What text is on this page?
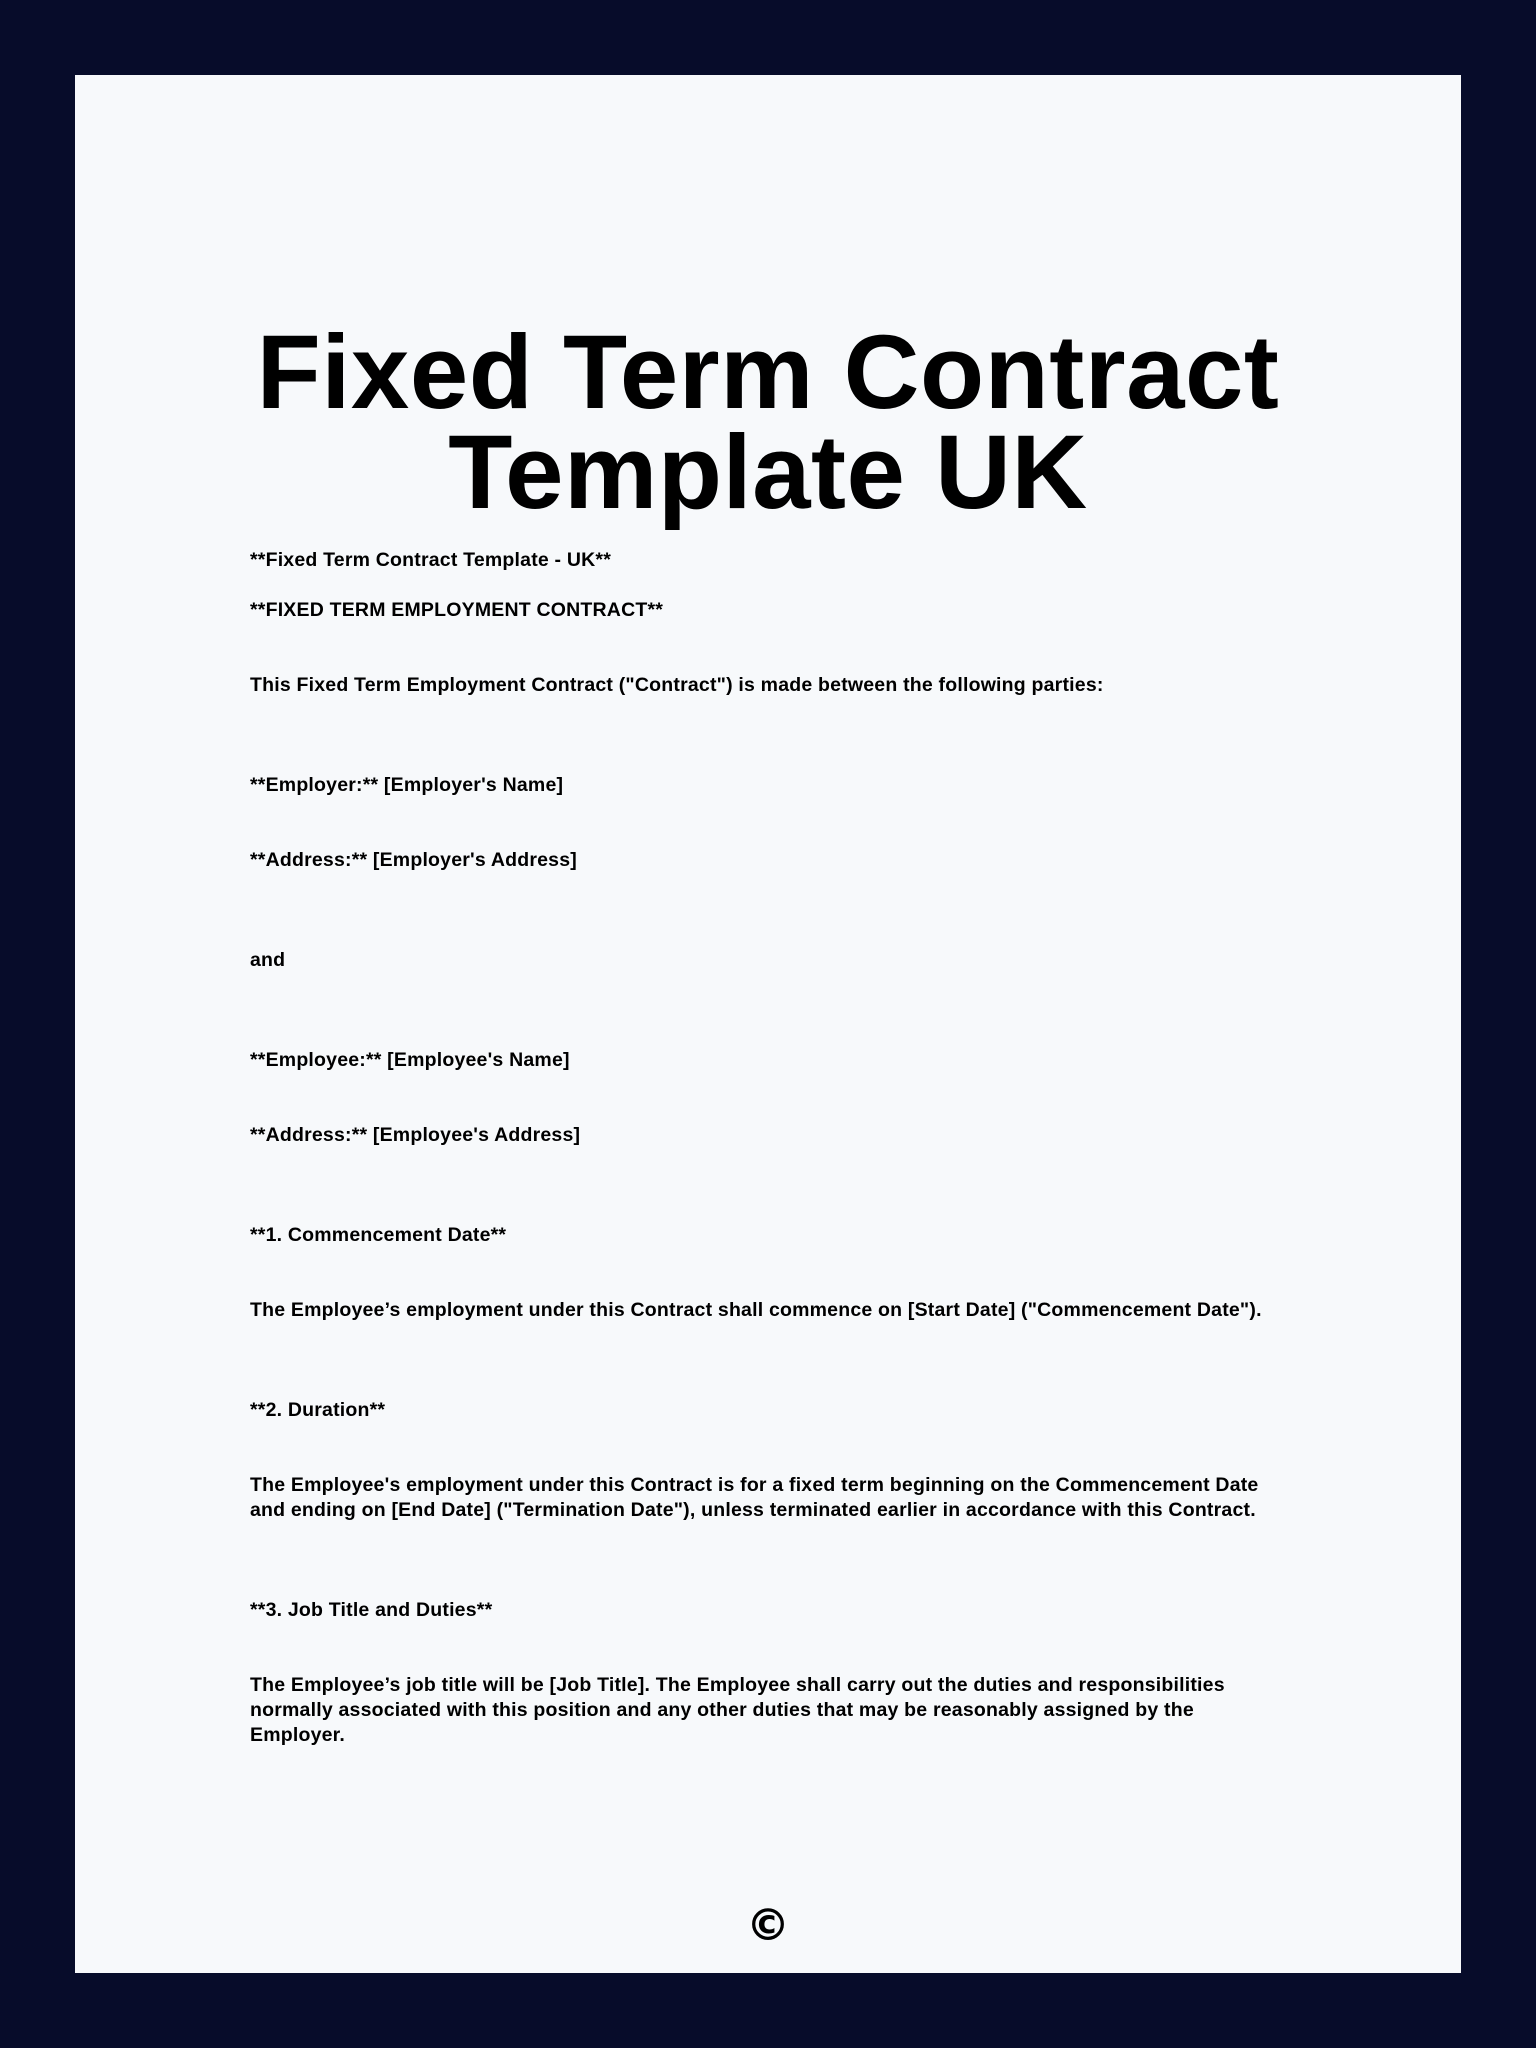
Fixed Term Contract
Template UK

**Fixed Term Contract Template - UK**

**FIXED TERM EMPLOYMENT CONTRACT**

This Fixed Term Employment Contract ("Contract") is made between the following parties:

**Employer:** [Employer's Name]

**Address:** [Employer's Address]

and

**Employee:** [Employee's Name]

**Address:** [Employee's Address]

**1. Commencement Date**

The Employee’s employment under this Contract shall commence on [Start Date] ("Commencement Date").

**2. Duration**

The Employee's employment under this Contract is for a fixed term beginning on the Commencement Date
and ending on [End Date] ("Termination Date"), unless terminated earlier in accordance with this Contract.

**3. Job Title and Duties**

The Employee’s job title will be [Job Title]. The Employee shall carry out the duties and responsibilities
normally associated with this position and any other duties that may be reasonably assigned by the
Employer.
©
